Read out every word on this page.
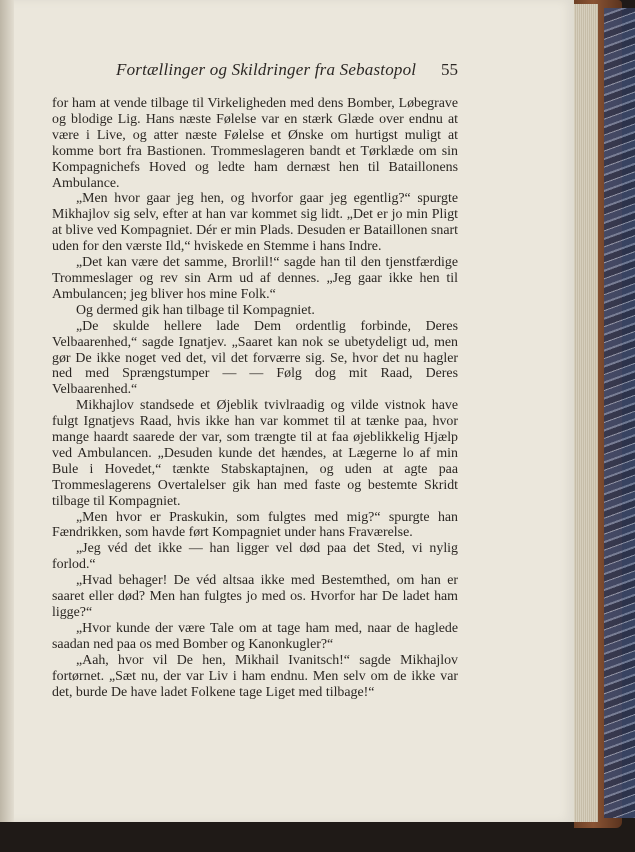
Fortællinger og Skildringer fra Sebastopol 55

for ham at vende tilbage til Virkeligheden med dens Bomber, Løbegrave og blodige Lig. Hans næste Følelse var en stærk Glæde over endnu at være i Live, og atter næste Følelse et Ønske om hurtigst muligt at komme bort fra Bastionen. Trommeslageren bandt et Tørklæde om sin Kompagnichefs Hoved og ledte ham dernæst hen til Bataillonens Ambulance.

„Men hvor gaar jeg hen, og hvorfor gaar jeg egentlig?“ spurgte Mikhajlov sig selv, efter at han var kommet sig lidt. „Det er jo min Pligt at blive ved Kompagniet. Dér er min Plads. Desuden er Bataillonen snart uden for den værste Ild,“ hviskede en Stemme i hans Indre.

„Det kan være det samme, Brorlil!“ sagde han til den tjenstfærdige Trommeslager og rev sin Arm ud af dennes. „Jeg gaar ikke hen til Ambulancen; jeg bliver hos mine Folk.“

Og dermed gik han tilbage til Kompagniet.

„De skulde hellere lade Dem ordentlig forbinde, Deres Velbaarenhed,“ sagde Ignatjev. „Saaret kan nok se ubetydeligt ud, men gør De ikke noget ved det, vil det forværre sig. Se, hvor det nu hagler ned med Sprængstumper — — Følg dog mit Raad, Deres Velbaarenhed.“

Mikhajlov standsede et Øjeblik tvivlraadig og vilde vistnok have fulgt Ignatjevs Raad, hvis ikke han var kommet til at tænke paa, hvor mange haardt saarede der var, som trængte til at faa øjeblikkelig Hjælp ved Ambulancen. „Desuden kunde det hændes, at Lægerne lo af min Bule i Hovedet,“ tænkte Stabskaptajnen, og uden at agte paa Trommeslagerens Overtalelser gik han med faste og bestemte Skridt tilbage til Kompagniet.

„Men hvor er Praskukin, som fulgtes med mig?“ spurgte han Fændrikken, som havde ført Kompagniet under hans Fraværelse.

„Jeg véd det ikke — han ligger vel død paa det Sted, vi nylig forlod.“

„Hvad behager! De véd altsaa ikke med Bestemthed, om han er saaret eller død? Men han fulgtes jo med os. Hvorfor har De ladet ham ligge?“

„Hvor kunde der være Tale om at tage ham med, naar de haglede saadan ned paa os med Bomber og Kanonkugler?“

„Aah, hvor vil De hen, Mikhail Ivanitsch!“ sagde Mikhajlov fortørnet. „Sæt nu, der var Liv i ham endnu. Men selv om de ikke var det, burde De have ladet Folkene tage Liget med tilbage!“
